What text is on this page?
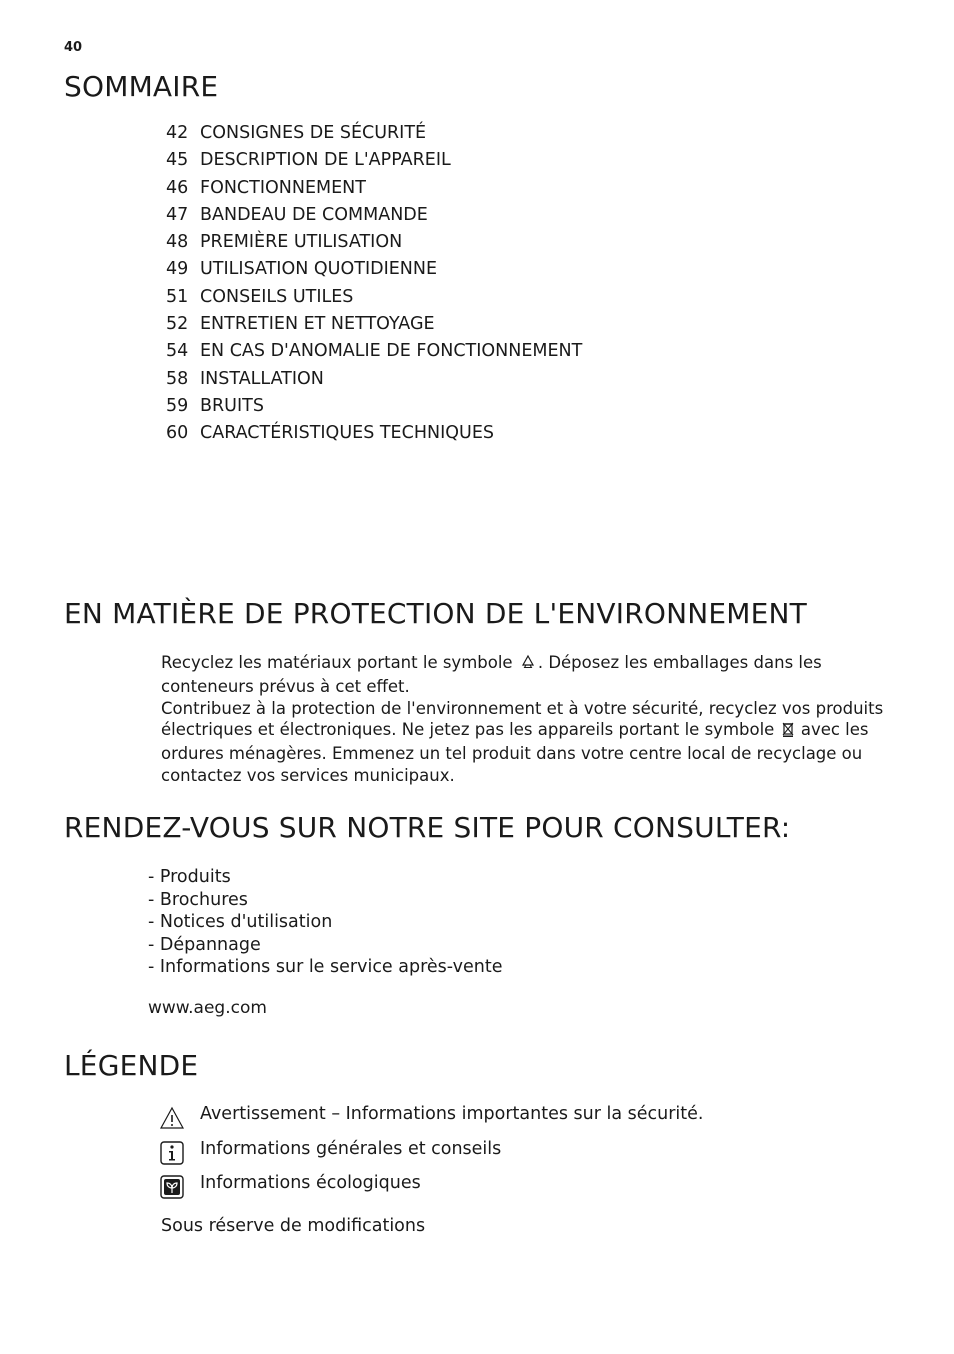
40
SOMMAIRE
42 CONSIGNES DE SÉCURITÉ
45 DESCRIPTION DE L'APPAREIL
46 FONCTIONNEMENT
47 BANDEAU DE COMMANDE
48 PREMIÈRE UTILISATION
49 UTILISATION QUOTIDIENNE
51 CONSEILS UTILES
52 ENTRETIEN ET NETTOYAGE
54 EN CAS D'ANOMALIE DE FONCTIONNEMENT
58 INSTALLATION
59 BRUITS
60 CARACTÉRISTIQUES TECHNIQUES
EN MATIÈRE DE PROTECTION DE L'ENVIRONNEMENT
Recyclez les matériaux portant le symbole . Déposez les emballages dans les
conteneurs prévus à cet effet.
Contribuez à la protection de l'environnement et à votre sécurité, recyclez vos produits
électriques et électroniques. Ne jetez pas les appareils portant le symbole avec les
ordures ménagères. Emmenez un tel produit dans votre centre local de recyclage ou
contactez vos services municipaux.
RENDEZ-VOUS SUR NOTRE SITE POUR CONSULTER:
- Produits
- Brochures
- Notices d'utilisation
- Dépannage
- Informations sur le service après-vente
www.aeg.com
LÉGENDE
Avertissement – Informations importantes sur la sécurité.
Informations générales et conseils
Informations écologiques
Sous réserve de modifications
